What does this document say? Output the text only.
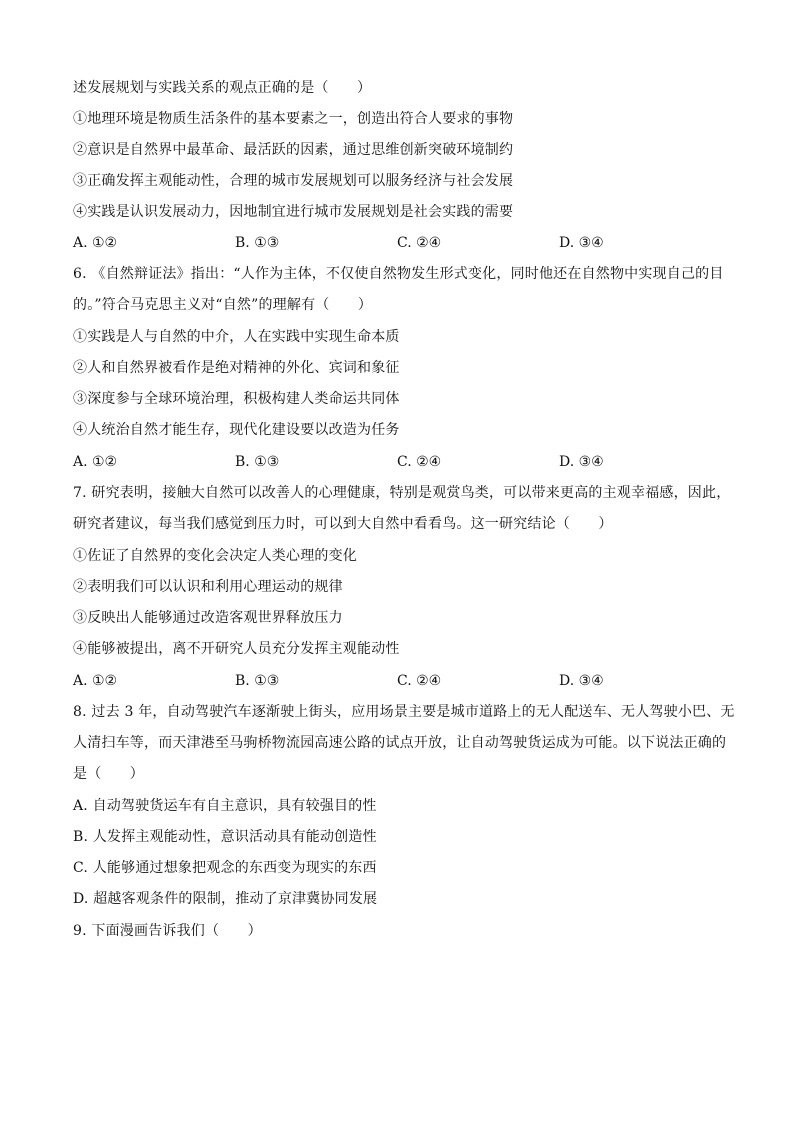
述发展规划与实践关系的观点正确的是（　　）
①地理环境是物质生活条件的基本要素之一，创造出符合人要求的事物
②意识是自然界中最革命、最活跃的因素，通过思维创新突破环境制约
③正确发挥主观能动性，合理的城市发展规划可以服务经济与社会发展
④实践是认识发展动力，因地制宜进行城市发展规划是社会实践的需要
A. ①②	B. ①③	C. ②④	D. ③④
6. 《自然辩证法》指出：“人作为主体，不仅使自然物发生形式变化，同时他还在自然物中实现自己的目
的。”符合马克思主义对“自然”的理解有（　　）
①实践是人与自然的中介，人在实践中实现生命本质
②人和自然界被看作是绝对精神的外化、宾词和象征
③深度参与全球环境治理，积极构建人类命运共同体
④人统治自然才能生存，现代化建设要以改造为任务
A. ①②	B. ①③	C. ②④	D. ③④
7. 研究表明，接触大自然可以改善人的心理健康，特别是观赏鸟类，可以带来更高的主观幸福感，因此，
研究者建议，每当我们感觉到压力时，可以到大自然中看看鸟。这一研究结论（　　）
①佐证了自然界的变化会决定人类心理的变化
②表明我们可以认识和利用心理运动的规律
③反映出人能够通过改造客观世界释放压力
④能够被提出，离不开研究人员充分发挥主观能动性
A. ①②	B. ①③	C. ②④	D. ③④
8. 过去 3 年，自动驾驶汽车逐渐驶上街头，应用场景主要是城市道路上的无人配送车、无人驾驶小巴、无
人清扫车等，而天津港至马驹桥物流园高速公路的试点开放，让自动驾驶货运成为可能。以下说法正确的
是（　　）
A. 自动驾驶货运车有自主意识，具有较强目的性
B. 人发挥主观能动性，意识活动具有能动创造性
C. 人能够通过想象把观念的东西变为现实的东西
D. 超越客观条件的限制，推动了京津冀协同发展
9. 下面漫画告诉我们（　　）
